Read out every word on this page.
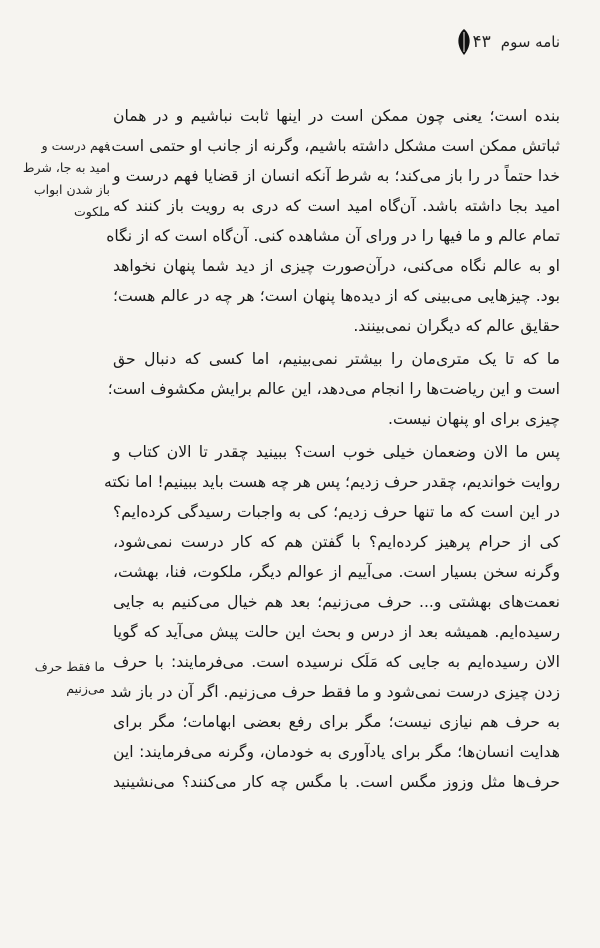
۴۳ نامه سوم
فهم درست و
امید به جا، شرط
باز شدن ابواب
ملکوت
ما فقط حرف
می‌زنیم
بنده است؛ یعنی چون ممکن است در اینها ثابت نباشیم و در همان
ثباتش ممکن است مشکل داشته باشیم، وگرنه از جانب او حتمی است.
خدا حتماً در را باز می‌کند؛ به شرط آنکه انسان از قضایا فهم درست و
امید بجا داشته باشد. آن‌گاه امید است که دری به رویت باز کنند که
تمام عالم و ما فیها را در ورای آن مشاهده کنی. آن‌گاه است که از نگاه
او به عالم نگاه می‌کنی، درآن‌صورت چیزی از دید شما پنهان نخواهد
بود. چیزهایی می‌بینی که از دیده‌ها پنهان است؛ هر چه در عالم هست؛
حقایق عالم که دیگران نمی‌بینند.
ما که تا یک متری‌مان را بیشتر نمی‌بینیم، اما کسی که دنبال حق
است و این ریاضت‌ها را انجام می‌دهد، این عالم برایش مکشوف است؛
چیزی برای او پنهان نیست.
پس ما الان وضعمان خیلی خوب است؟ ببینید چقدر تا الان کتاب و
روایت خواندیم، چقدر حرف زدیم؛ پس هر چه هست باید ببینیم! اما نکته
در این است که ما تنها حرف زدیم؛ کی به واجبات رسیدگی کرده‌ایم؟
کی از حرام پرهیز کرده‌ایم؟ با گفتن هم که کار درست نمی‌شود،
وگرنه سخن بسیار است. می‌آییم از عوالم دیگر، ملکوت، فنا، بهشت،
نعمت‌های بهشتی و... حرف می‌زنیم؛ بعد هم خیال می‌کنیم به جایی
رسیده‌ایم. همیشه بعد از درس و بحث این حالت پیش می‌آید که گویا
الان رسیده‌ایم به جایی که مَلَک نرسیده است. می‌فرمایند: با حرف
زدن چیزی درست نمی‌شود و ما فقط حرف می‌زنیم. اگر آن در باز شد
به حرف هم نیازی نیست؛ مگر برای رفع بعضی ابهامات؛ مگر برای
هدایت انسان‌ها؛ مگر برای یادآوری به خودمان، وگرنه می‌فرمایند: این
حرف‌ها مثل وزوز مگس است. با مگس چه کار می‌کنند؟ می‌نشینید
